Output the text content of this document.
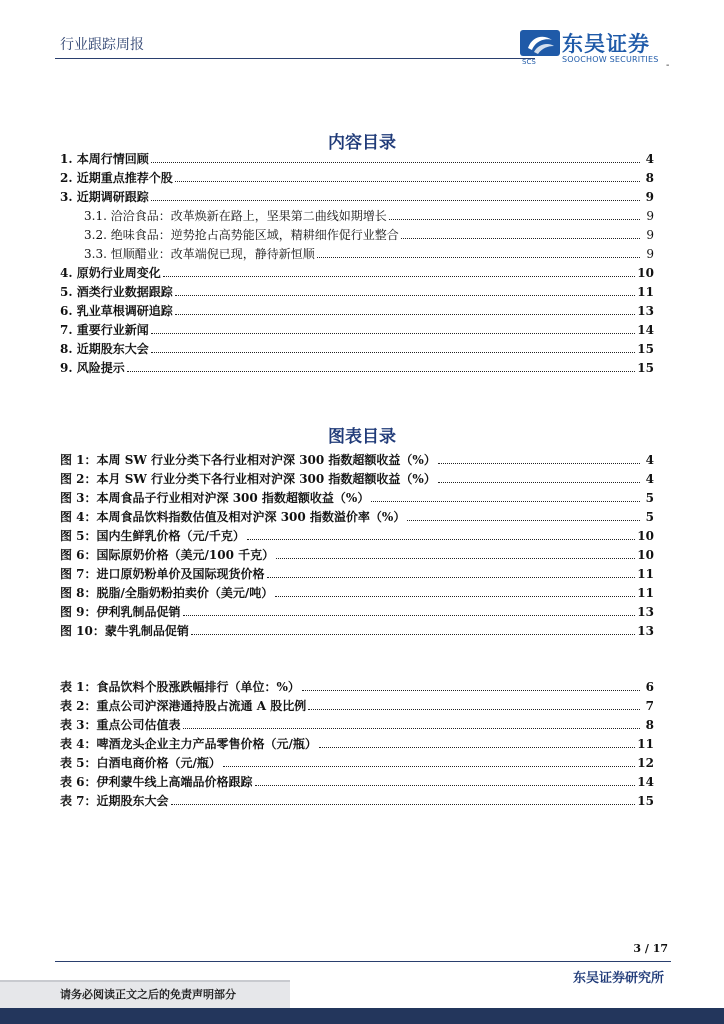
行业跟踪周报
SCS
东吴证券
SOOCHOW SECURITIES
-
内容目录
1. 本周行情回顾	4
2. 近期重点推荐个股	8
3. 近期调研跟踪	9
3.1. 洽洽食品：改革焕新在路上，坚果第二曲线如期增长	9
3.2. 绝味食品：逆势抢占高势能区域，精耕细作促行业整合	9
3.3. 恒顺醋业：改革端倪已现，静待新恒顺	9
4. 原奶行业周变化	10
5. 酒类行业数据跟踪	11
6. 乳业草根调研追踪	13
7. 重要行业新闻	14
8. 近期股东大会	15
9. 风险提示	15
图表目录
图 1：本周 SW 行业分类下各行业相对沪深 300 指数超额收益（%）	4
图 2：本月 SW 行业分类下各行业相对沪深 300 指数超额收益（%）	4
图 3：本周食品子行业相对沪深 300 指数超额收益（%）	5
图 4：本周食品饮料指数估值及相对沪深 300 指数溢价率（%）	5
图 5：国内生鲜乳价格（元/千克）	10
图 6：国际原奶价格（美元/100 千克）	10
图 7：进口原奶粉单价及国际现货价格	11
图 8：脱脂/全脂奶粉拍卖价（美元/吨）	11
图 9：伊利乳制品促销	13
图 10：蒙牛乳制品促销	13
表 1：食品饮料个股涨跌幅排行（单位：%）	6
表 2：重点公司沪深港通持股占流通 A 股比例	7
表 3：重点公司估值表	8
表 4：啤酒龙头企业主力产品零售价格（元/瓶）	11
表 5：白酒电商价格（元/瓶）	12
表 6：伊利蒙牛线上高端品价格跟踪	14
表 7：近期股东大会	15
3 / 17
东吴证券研究所
请务必阅读正文之后的免责声明部分
